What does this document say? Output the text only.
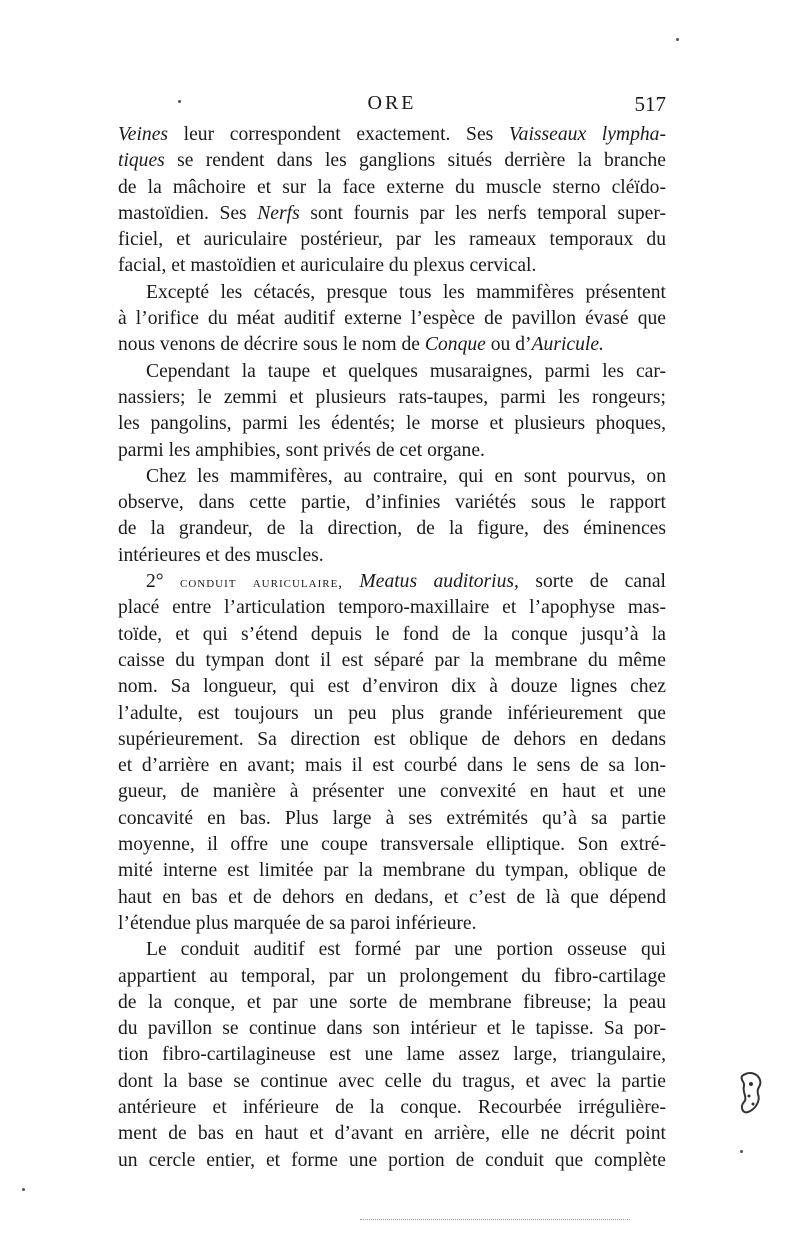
ORE	517
Veines leur correspondent exactement. Ses Vaisseaux lympha-
tiques se rendent dans les ganglions situés derrière la branche
de la mâchoire et sur la face externe du muscle sterno cléïdo-
mastoïdien. Ses Nerfs sont fournis par les nerfs temporal super-
ficiel, et auriculaire postérieur, par les rameaux temporaux du
facial, et mastoïdien et auriculaire du plexus cervical.
Excepté les cétacés, presque tous les mammifères présentent
à l’orifice du méat auditif externe l’espèce de pavillon évasé que
nous venons de décrire sous le nom de Conque ou d’Auricule.
Cependant la taupe et quelques musaraignes, parmi les car-
nassiers; le zemmi et plusieurs rats-taupes, parmi les rongeurs;
les pangolins, parmi les édentés; le morse et plusieurs phoques,
parmi les amphibies, sont privés de cet organe.
Chez les mammifères, au contraire, qui en sont pourvus, on
observe, dans cette partie, d’infinies variétés sous le rapport
de la grandeur, de la direction, de la figure, des éminences
intérieures et des muscles.
2° conduit auriculaire, Meatus auditorius, sorte de canal
placé entre l’articulation temporo-maxillaire et l’apophyse mas-
toïde, et qui s’étend depuis le fond de la conque jusqu’à la
caisse du tympan dont il est séparé par la membrane du même
nom. Sa longueur, qui est d’environ dix à douze lignes chez
l’adulte, est toujours un peu plus grande inférieurement que
supérieurement. Sa direction est oblique de dehors en dedans
et d’arrière en avant; mais il est courbé dans le sens de sa lon-
gueur, de manière à présenter une convexité en haut et une
concavité en bas. Plus large à ses extrémités qu’à sa partie
moyenne, il offre une coupe transversale elliptique. Son extré-
mité interne est limitée par la membrane du tympan, oblique de
haut en bas et de dehors en dedans, et c’est de là que dépend
l’étendue plus marquée de sa paroi inférieure.
Le conduit auditif est formé par une portion osseuse qui
appartient au temporal, par un prolongement du fibro-cartilage
de la conque, et par une sorte de membrane fibreuse; la peau
du pavillon se continue dans son intérieur et le tapisse. Sa por-
tion fibro-cartilagineuse est une lame assez large, triangulaire,
dont la base se continue avec celle du tragus, et avec la partie
antérieure et inférieure de la conque. Recourbée irrégulière-
ment de bas en haut et d’avant en arrière, elle ne décrit point
un cercle entier, et forme une portion de conduit que complète
